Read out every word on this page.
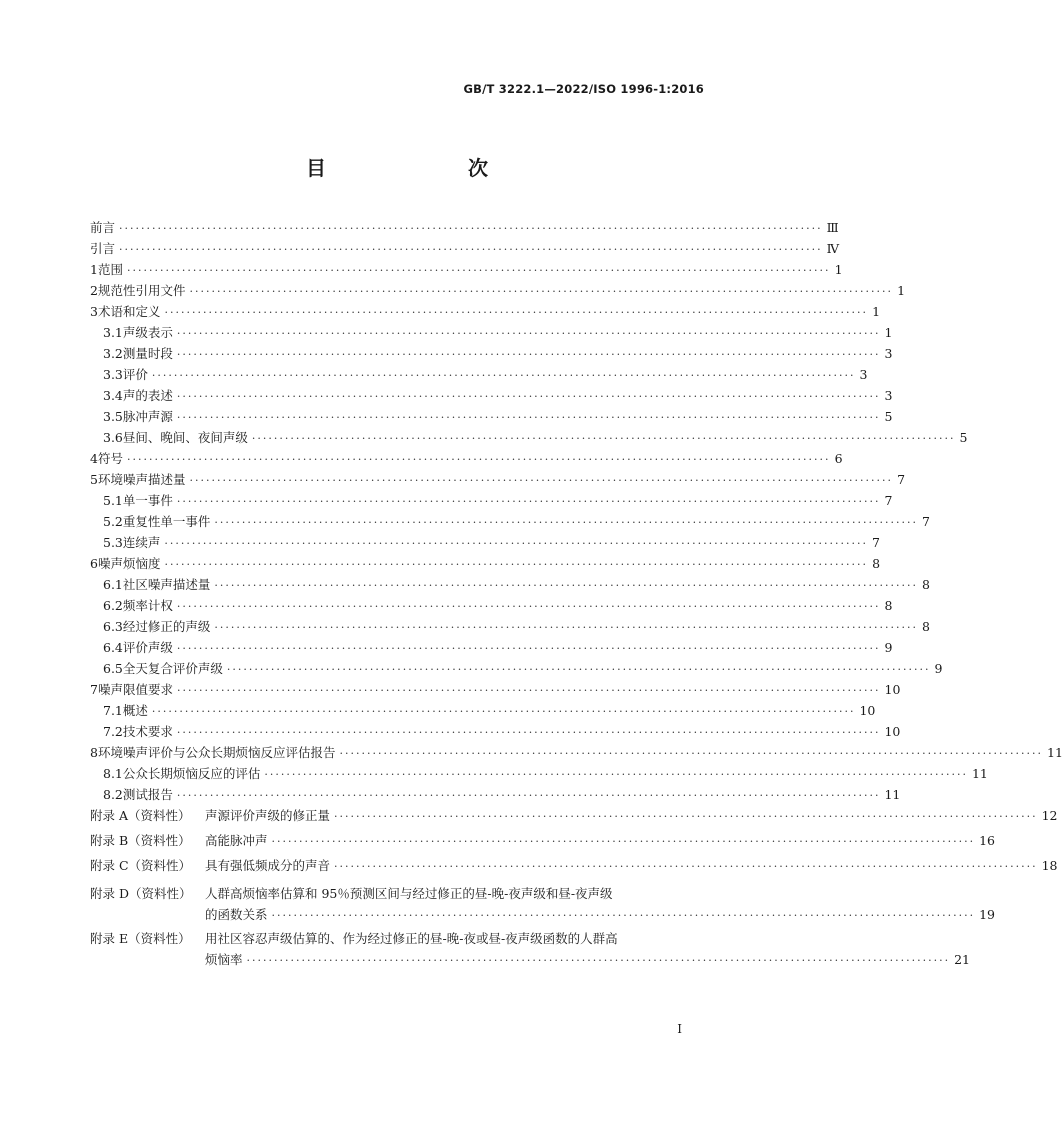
GB/T 3222.1—2022/ISO 1996-1:2016
目　　次
前言 ·····	Ⅲ
引言 ·····	Ⅳ
1 范围 ·····	1
2 规范性引用文件 ·····	1
3 术语和定义 ·····	1
3.1 声级表示 ·····	1
3.2 测量时段 ·····	3
3.3 评价 ·····	3
3.4 声的表述 ·····	3
3.5 脉冲声源 ·····	5
3.6 昼间、晚间、夜间声级 ·····	5
4 符号 ·····	6
5 环境噪声描述量 ·····	7
5.1 单一事件 ·····	7
5.2 重复性单一事件 ·····	7
5.3 连续声 ·····	7
6 噪声烦恼度 ·····	8
6.1 社区噪声描述量 ·····	8
6.2 频率计权 ·····	8
6.3 经过修正的声级 ·····	8
6.4 评价声级 ·····	9
6.5 全天复合评价声级 ·····	9
7 噪声限值要求 ·····	10
7.1 概述 ·····	10
7.2 技术要求 ·····	10
8 环境噪声评价与公众长期烦恼反应评估报告 ·····	11
8.1 公众长期烦恼反应的评估 ·····	11
8.2 测试报告 ·····	11
附录 A（资料性）	声源评价声级的修正量 ·····	12
附录 B（资料性）	高能脉冲声 ·····	16
附录 C（资料性）	具有强低频成分的声音 ·····	18
附录 D（资料性）	人群高烦恼率估算和 95％预测区间与经过修正的昼-晚-夜声级和昼-夜声级
的函数关系 ·····	19
附录 E（资料性）	用社区容忍声级估算的、作为经过修正的昼-晚-夜或昼-夜声级函数的人群高
烦恼率 ·····	21
Ⅰ
